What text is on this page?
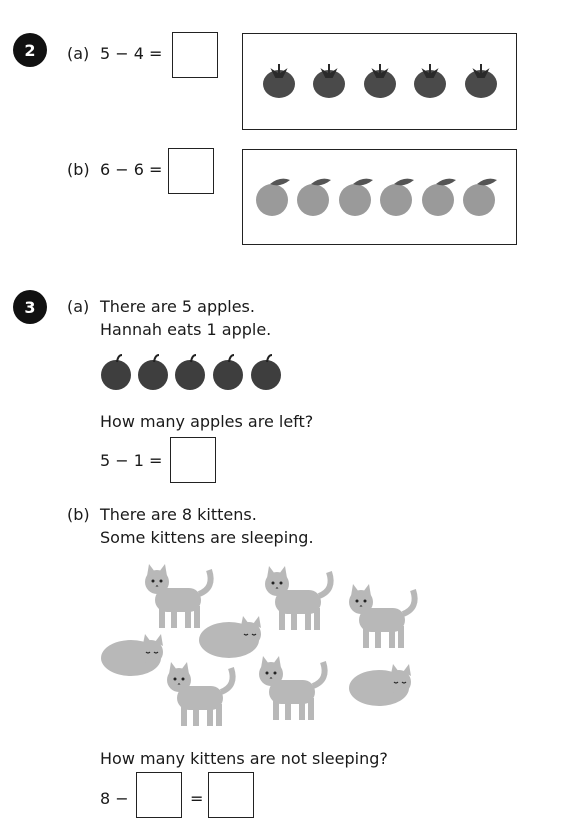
2	(a) 5 − 4 =
(b) 6 − 6 =
3	(a) There are 5 apples.
Hannah eats 1 apple.
How many apples are left?
5 − 1 =
(b) There are 8 kittens.
Some kittens are sleeping.
How many kittens are not sleeping?
8 −	=
